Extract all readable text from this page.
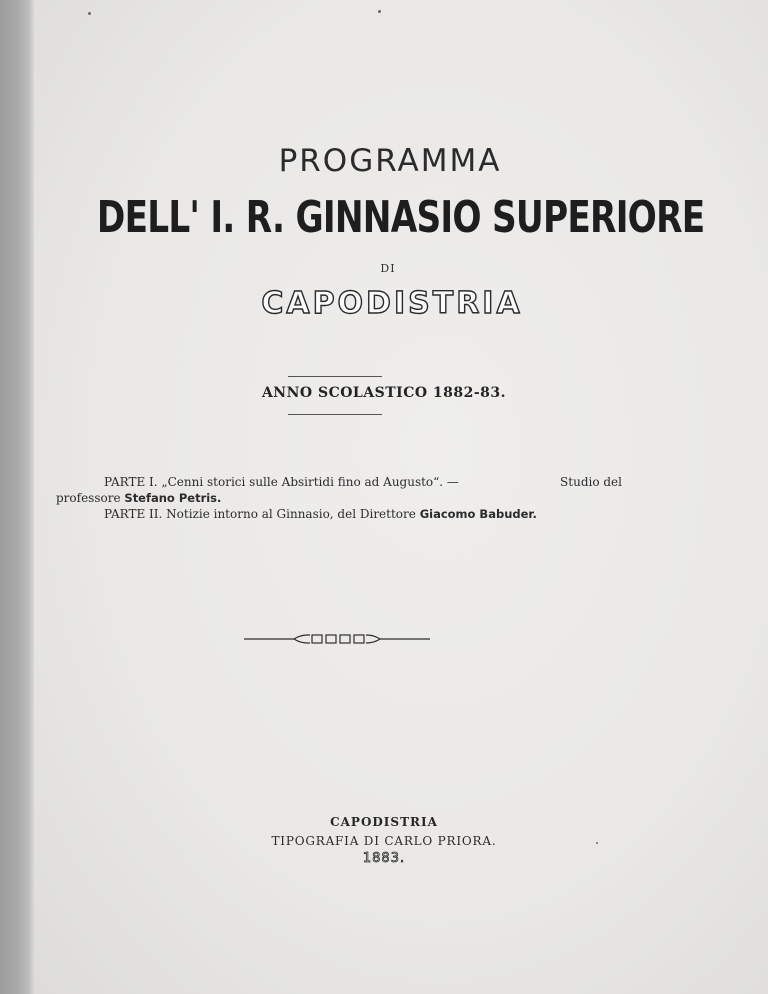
PROGRAMMA
DELL' I. R. GINNASIO SUPERIORE
DI
CAPODISTRIA
ANNO SCOLASTICO 1882-83.

PARTE I. „Cenni storici sulle Absirtidi fino ad Augusto“. —	Studio del

professore Stefano Petris.

PARTE II. Notizie intorno al Ginnasio, del Direttore Giacomo Babuder.

CAPODISTRIA
TIPOGRAFIA DI CARLO PRIORA.
1883.
